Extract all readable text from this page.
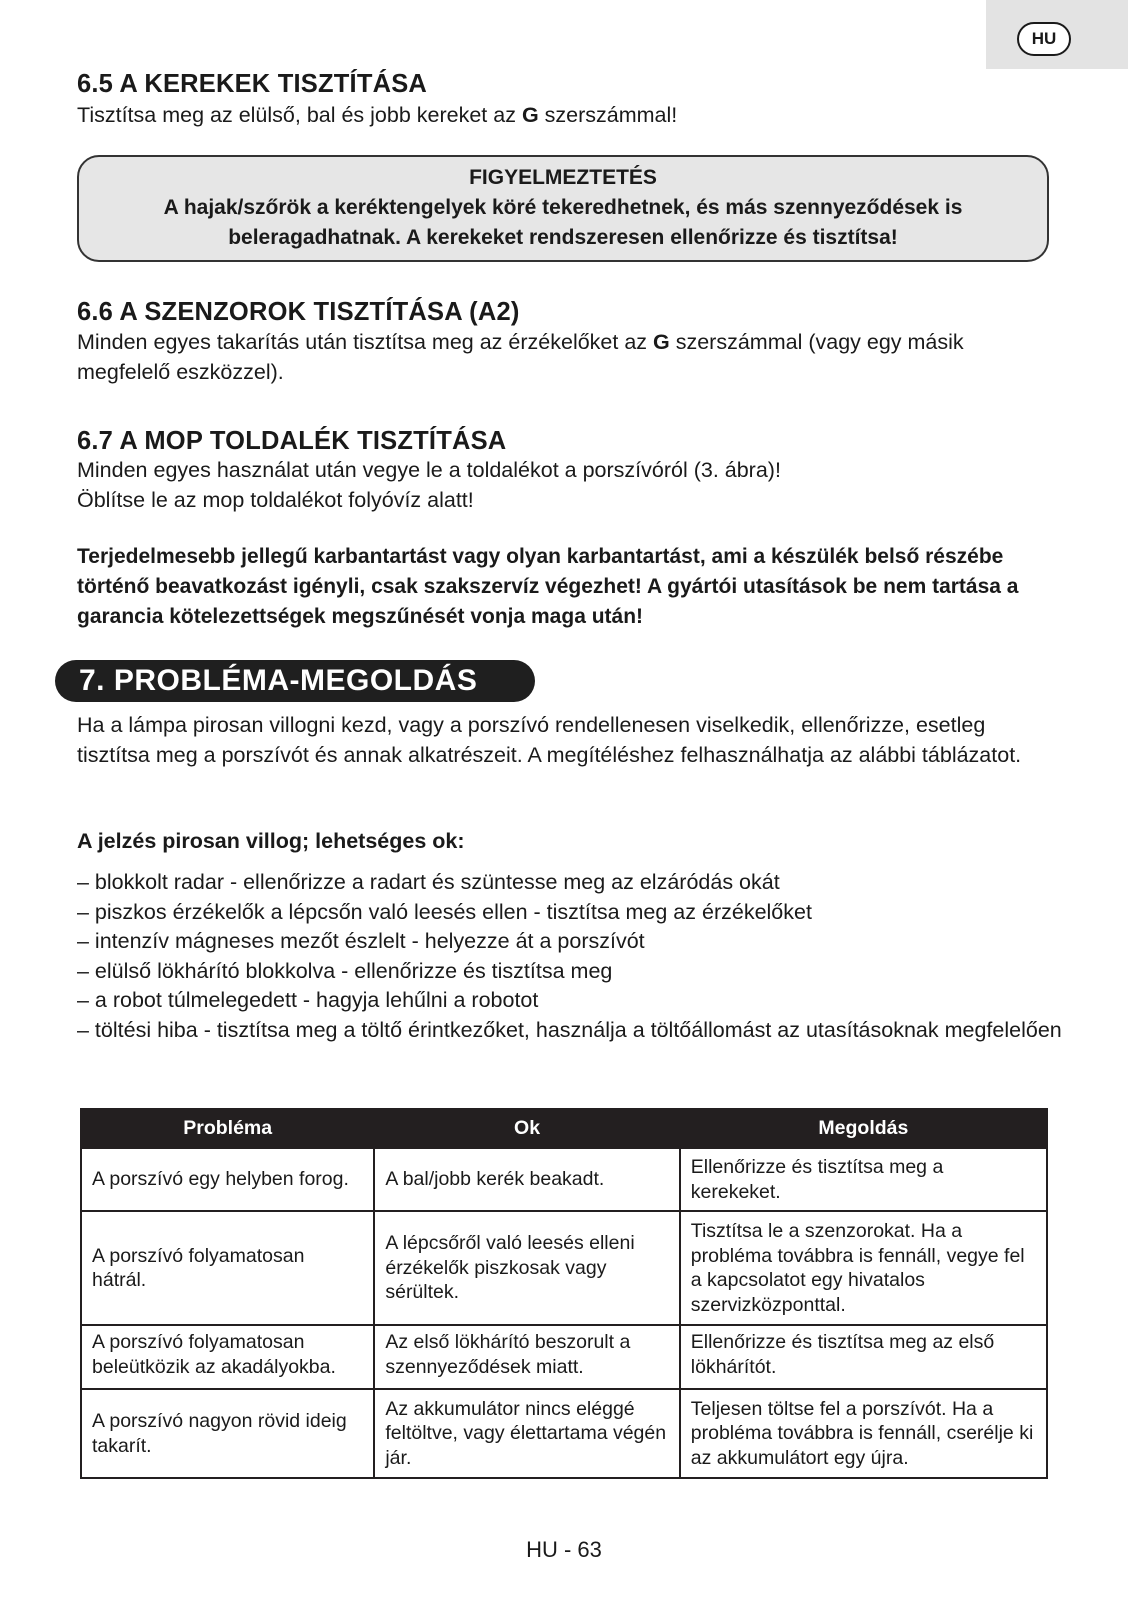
HU
6.5 A KEREKEK TISZTÍTÁSA
Tisztítsa meg az elülső, bal és jobb kereket az G szerszámmal!
FIGYELMEZTETÉS
A hajak/szőrök a keréktengelyek köré tekeredhetnek, és más szennyeződések is
beleragadhatnak. A kerekeket rendszeresen ellenőrizze és tisztítsa!
6.6 A SZENZOROK TISZTÍTÁSA (A2)
Minden egyes takarítás után tisztítsa meg az érzékelőket az G szerszámmal (vagy egy másik megfelelő eszközzel).
6.7 A MOP TOLDALÉK TISZTÍTÁSA
Minden egyes használat után vegye le a toldalékot a porszívóról (3. ábra)!
Öblítse le az mop toldalékot folyóvíz alatt!
Terjedelmesebb jellegű karbantartást vagy olyan karbantartást, ami a készülék belső részébe történő beavatkozást igényli, csak szakszervíz végezhet! A gyártói utasítások be nem tartása a garancia kötelezettségek megszűnését vonja maga után!
7. PROBLÉMA-MEGOLDÁS
Ha a lámpa pirosan villogni kezd, vagy a porszívó rendellenesen viselkedik, ellenőrizze, esetleg tisztítsa meg a porszívót és annak alkatrészeit. A megítéléshez felhasználhatja az alábbi táblázatot.
A jelzés pirosan villog; lehetséges ok:
– blokkolt radar - ellenőrizze a radart és szüntesse meg az elzáródás okát
– piszkos érzékelők a lépcsőn való leesés ellen - tisztítsa meg az érzékelőket
– intenzív mágneses mezőt észlelt - helyezze át a porszívót
– elülső lökhárító blokkolva - ellenőrizze és tisztítsa meg
– a robot túlmelegedett - hagyja lehűlni a robotot
– töltési hiba - tisztítsa meg a töltő érintkezőket, használja a töltőállomást az utasításoknak megfelelően
Probléma	Ok	Megoldás
A porszívó egy helyben forog.	A bal/jobb kerék beakadt.	Ellenőrizze és tisztítsa meg a kerekeket.
A porszívó folyamatosan hátrál.	A lépcsőről való leesés elleni érzékelők piszkosak vagy sérültek.	Tisztítsa le a szenzorokat. Ha a probléma továbbra is fennáll, vegye fel a kapcsolatot egy hivatalos szervizközponttal.
A porszívó folyamatosan beleütközik az akadályokba.	Az első lökhárító beszorult a szennyeződések miatt.	Ellenőrizze és tisztítsa meg az első lökhárítót.
A porszívó nagyon rövid ideig takarít.	Az akkumulátor nincs eléggé feltöltve, vagy élettartama végén jár.	Teljesen töltse fel a porszívót. Ha a probléma továbbra is fennáll, cserélje ki az akkumulátort egy újra.
HU - 63
